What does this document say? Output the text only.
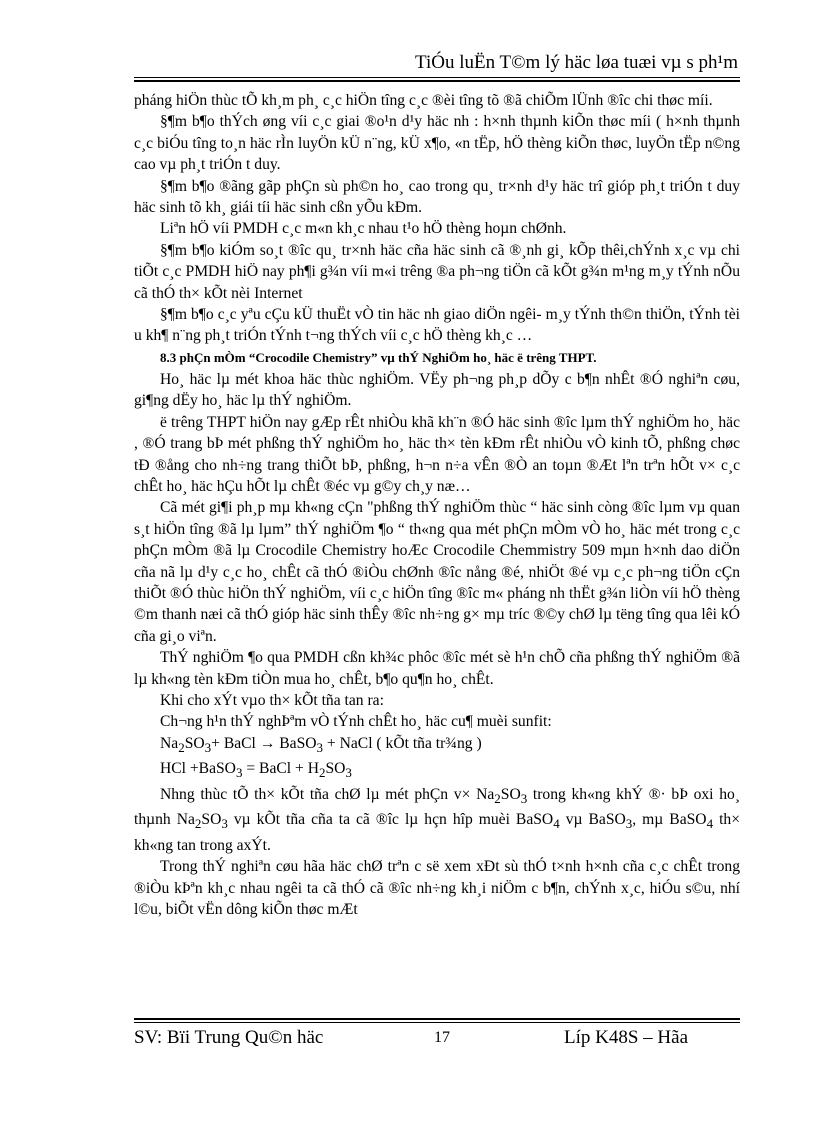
TiÓu luËn T©m lý häc løa tuæi vµ s ph¹m

pháng hiÖn thùc tÕ kh¸m ph¸ c¸c hiÖn tîng c¸c ®èi tîng tõ ®ã chiÕm lÜnh ®îc chi thøc míi.

§¶m b¶o thÝch øng víi c¸c giai ®o¹n d¹y häc nh : h×nh thµnh kiÕn thøc míi ( h×nh thµnh c¸c biÓu tîng to¸n häc rÌn luyÖn kÜ n¨ng, kÜ x¶o, «n tËp, hÖ thèng kiÕn thøc, luyÖn tËp n©ng cao vµ ph¸t triÓn t duy.

§¶m b¶o ®ãng gãp phÇn sù ph©n ho¸ cao trong qu¸ tr×nh d¹y häc trî gióp ph¸t triÓn t duy häc sinh tõ kh¸ giái tíi häc sinh cßn yÕu kÐm.

Liªn hÖ víi PMDH c¸c m«n kh¸c nhau t¹o hÖ thèng hoµn chØnh.

§¶m b¶o kiÓm so¸t ®îc qu¸ tr×nh häc cña häc sinh cã ®¸nh gi¸ kÕp thêi,chÝnh x¸c vµ chi tiÕt c¸c PMDH hiÖ nay ph¶i g¾n víi m«i trêng ®a ph¬ng tiÖn cã kÕt g¾n m¹ng m¸y tÝnh nÕu cã thÓ th× kÕt nèi Internet

§¶m b¶o c¸c yªu cÇu kÜ thuËt vÒ tin häc nh giao diÖn ngêi- m¸y tÝnh th©n thiÖn, tÝnh tèi u kh¶ n¨ng ph¸t triÓn tÝnh t¬ng thÝch víi c¸c hÖ thèng kh¸c …

8.3 phÇn mÒm “Crocodile Chemistry” vµ thÝ NghiÖm ho¸ häc ë trêng THPT.

Ho¸ häc lµ mét khoa häc thùc nghiÖm. VËy ph¬ng ph¸p dÕy c b¶n nhÊt ®Ó nghiªn cøu, gi¶ng dËy ho¸ häc lµ thÝ nghiÖm.

ë trêng THPT hiÖn nay gÆp rÊt nhiÒu khã kh¨n ®Ó häc sinh ®îc lµm thÝ nghiÖm ho¸ häc , ®Ó trang bÞ mét phßng thÝ nghiÖm ho¸ häc th× tèn kÐm rÊt nhiÒu vÒ kinh tÕ, phßng chøc tÐ ®ång cho nh÷ng trang thiÕt bÞ, phßng, h¬n n÷a vÊn ®Ò an toµn ®Æt lªn trªn hÕt v× c¸c chÊt ho¸ häc hÇu hÕt lµ chÊt ®éc vµ g©y ch¸y næ…

Cã mét gi¶i ph¸p mµ kh«ng cÇn "phßng thÝ nghiÖm thùc “ häc sinh còng ®îc lµm vµ quan s¸t hiÖn tîng ®ã lµ lµm” thÝ nghiÖm ¶o “ th«ng qua mét phÇn mÒm vÒ ho¸ häc mét trong c¸c phÇn mÒm ®ã lµ Crocodile Chemistry hoÆc Crocodile Chemmistry 509 mµn h×nh dao diÖn cña nã lµ d¹y c¸c ho¸ chÊt cã thÓ ®iÒu chØnh ®îc nång ®é, nhiÖt ®é vµ c¸c ph¬ng tiÖn cÇn thiÕt ®Ó thùc hiÖn thÝ nghiÖm, víi c¸c hiÖn tîng ®îc m« pháng nh thËt g¾n liÒn víi hÖ thèng ©m thanh næi cã thÓ gióp häc sinh thÊy ®îc nh÷ng g× mµ tríc ®©y chØ lµ tëng tîng qua lêi kÓ cña gi¸o viªn.

ThÝ nghiÖm ¶o qua PMDH cßn kh¾c phôc ®îc mét sè h¹n chÕ cña phßng thÝ nghiÖm ®ã lµ kh«ng tèn kÐm tiÒn mua ho¸ chÊt, b¶o qu¶n ho¸ chÊt.

Khi cho xÝt vµo th× kÕt tña tan ra:

Ch¬ng h¹n thÝ nghÞªm vÒ tÝnh chÊt ho¸ häc cu¶ muèi sunfit:

$Na_2SO_3+$ BaCl → BaSO$_3$ + NaCl ( kÕt tña tr¾ng )

HCl +BaSO$_3$ = BaCl + $H_2SO_3$

Nhng thùc tÕ th× kÕt tña chØ lµ mét phÇn $v\times Na_2SO_3$ trong kh«ng khÝ ®· bÞ oxi ho¸ thµnh $Na_2SO_3$ vµ kÕt tña cña ta cã ®îc lµ hçn hîp muèi BaSO$_4$ vµ BaSO$_3$, mµ BaSO$_4$ th× kh«ng tan trong axÝt.

Trong thÝ nghiªn cøu hãa häc chØ trªn c së xem xÐt sù thÓ t×nh h×nh cña c¸c chÊt trong ®iÒu kÞªn kh¸c nhau ngêi ta cã thÓ cã ®îc nh÷ng kh¸i niÖm c b¶n, chÝnh x¸c, hiÓu s©u, nhí l©u, biÕt vËn dông kiÕn thøc mÆt

SV: Bïi Trung Qu©n häc	17	Líp K48S – Hãa
